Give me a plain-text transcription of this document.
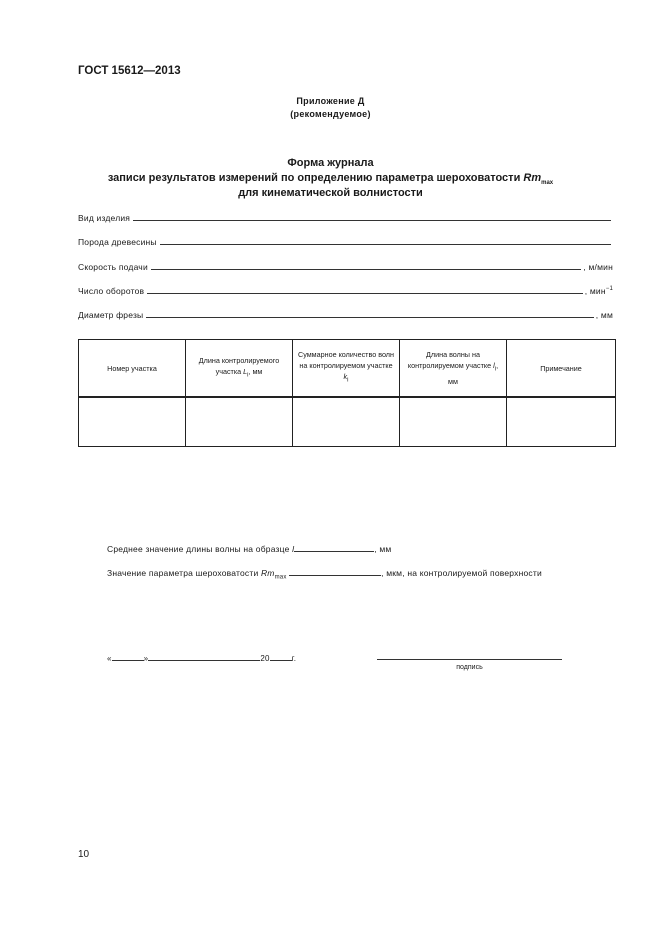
ГОСТ 15612—2013
Приложение Д
(рекомендуемое)
Форма журнала
записи результатов измерений по определению параметра шероховатости $Rm_{max}$
для кинематической волнистости
Вид изделия
Порода древесины
Скорость подачи	, м/мин
Число оборотов	, мин$^{-1}$
Диаметр фрезы	, мм
Номер участка	Длина контролируемого участка $L_i$, мм	Суммарное количество волн на контролируемом участке $k_i$	Длина волны на контролируемом участке $l_i$, мм	Примечание

Среднее значение длины волны на образце l	, мм
Значение параметра шероховатости $Rm_{max}$	, мкм, на контролируемой поверхности
«	»	20	г.
подпись
10
